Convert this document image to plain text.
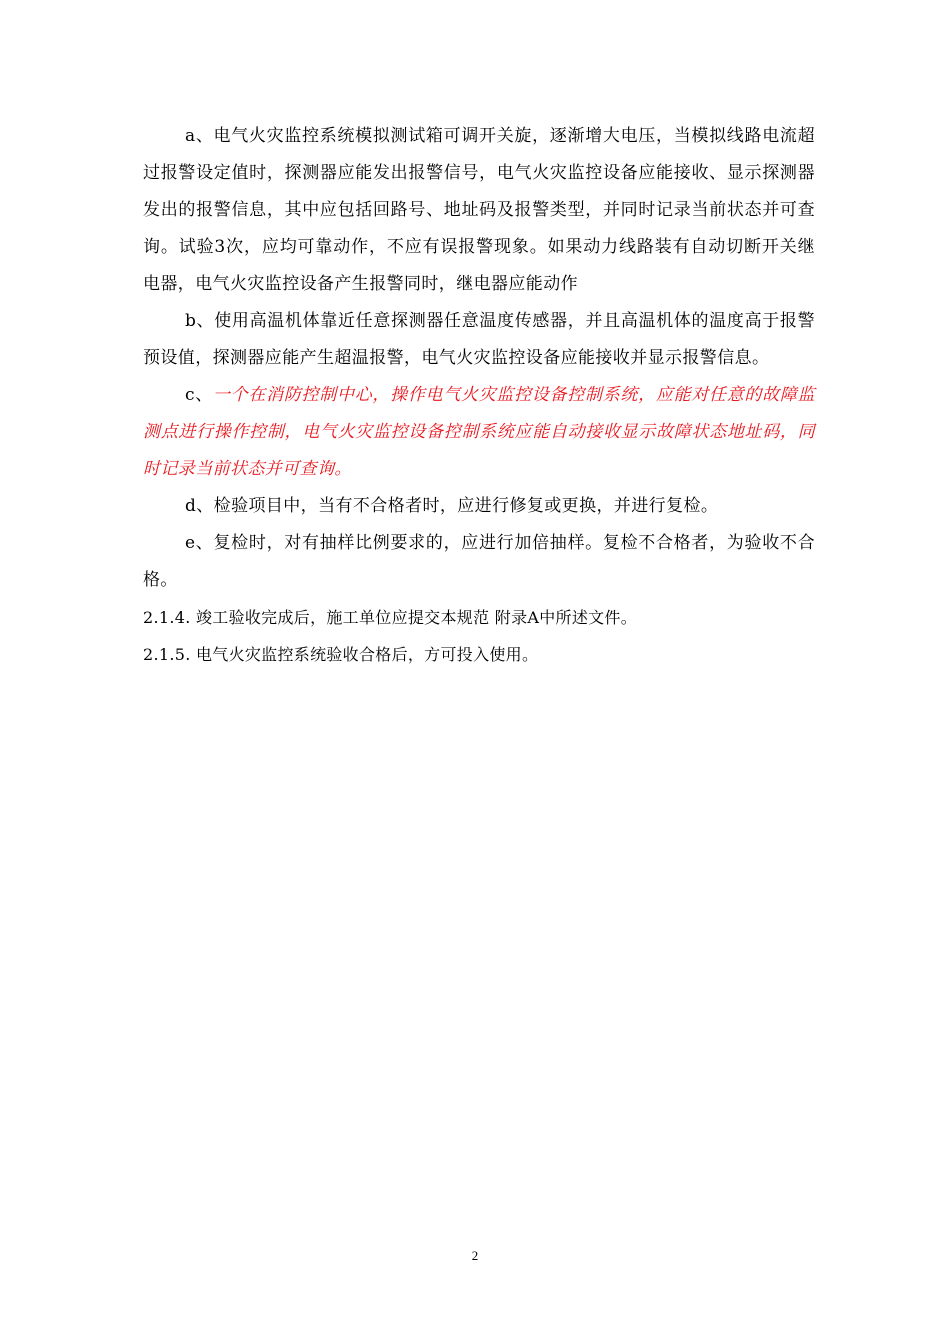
a、电气火灾监控系统模拟测试箱可调开关旋，逐渐增大电压，当模拟线路电流超过报警设定值时，探测器应能发出报警信号，电气火灾监控设备应能接收、显示探测器发出的报警信息，其中应包括回路号、地址码及报警类型，并同时记录当前状态并可查询。试验3次，应均可靠动作，不应有误报警现象。如果动力线路装有自动切断开关继电器，电气火灾监控设备产生报警同时，继电器应能动作

b、使用高温机体靠近任意探测器任意温度传感器，并且高温机体的温度高于报警预设值，探测器应能产生超温报警，电气火灾监控设备应能接收并显示报警信息。

c、一个在消防控制中心，操作电气火灾监控设备控制系统，应能对任意的故障监测点进行操作控制，电气火灾监控设备控制系统应能自动接收显示故障状态地址码，同时记录当前状态并可查询。

d、检验项目中，当有不合格者时，应进行修复或更换，并进行复检。

e、复检时，对有抽样比例要求的，应进行加倍抽样。复检不合格者，为验收不合格。

2.1.4. 竣工验收完成后，施工单位应提交本规范 附录A中所述文件。

2.1.5. 电气火灾监控系统验收合格后，方可投入使用。

2
